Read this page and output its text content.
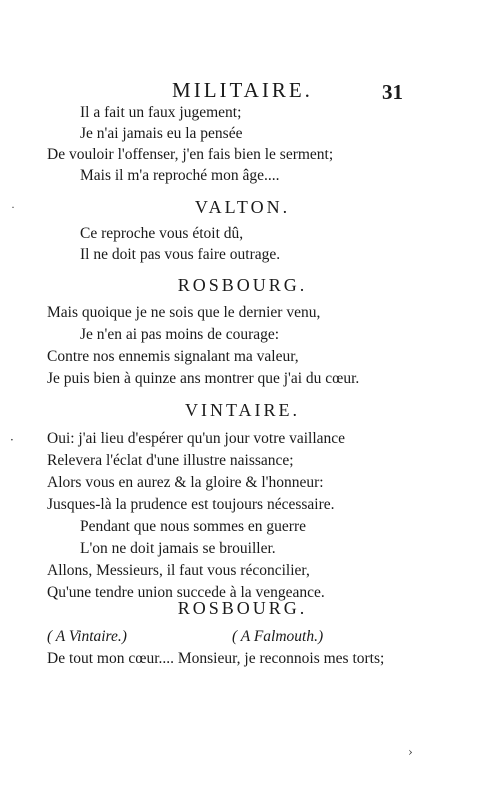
MILITAIRE.	31
Il a fait un faux jugement;
Je n'ai jamais eu la pensée
De vouloir l'offenser, j'en fais bien le serment;
Mais il m'a reproché mon âge....
VALTON.
Ce reproche vous étoit dû,
Il ne doit pas vous faire outrage.
ROSBOURG.
Mais quoique je ne sois que le dernier venu,
Je n'en ai pas moins de courage:
Contre nos ennemis signalant ma valeur,
Je puis bien à quinze ans montrer que j'ai du cœur.
VINTAIRE.
Oui: j'ai lieu d'espérer qu'un jour votre vaillance
Relevera l'éclat d'une illustre naissance;
Alors vous en aurez & la gloire & l'honneur:
Jusques-là la prudence est toujours nécessaire.
Pendant que nous sommes en guerre
L'on ne doit jamais se brouiller.
Allons, Messieurs, il faut vous réconcilier,
Qu'une tendre union succede à la vengeance.
ROSBOURG.
( A Vintaire.)	( A Falmouth.)
De tout mon cœur.... Monsieur, je reconnois mes torts;
˙
·
›
